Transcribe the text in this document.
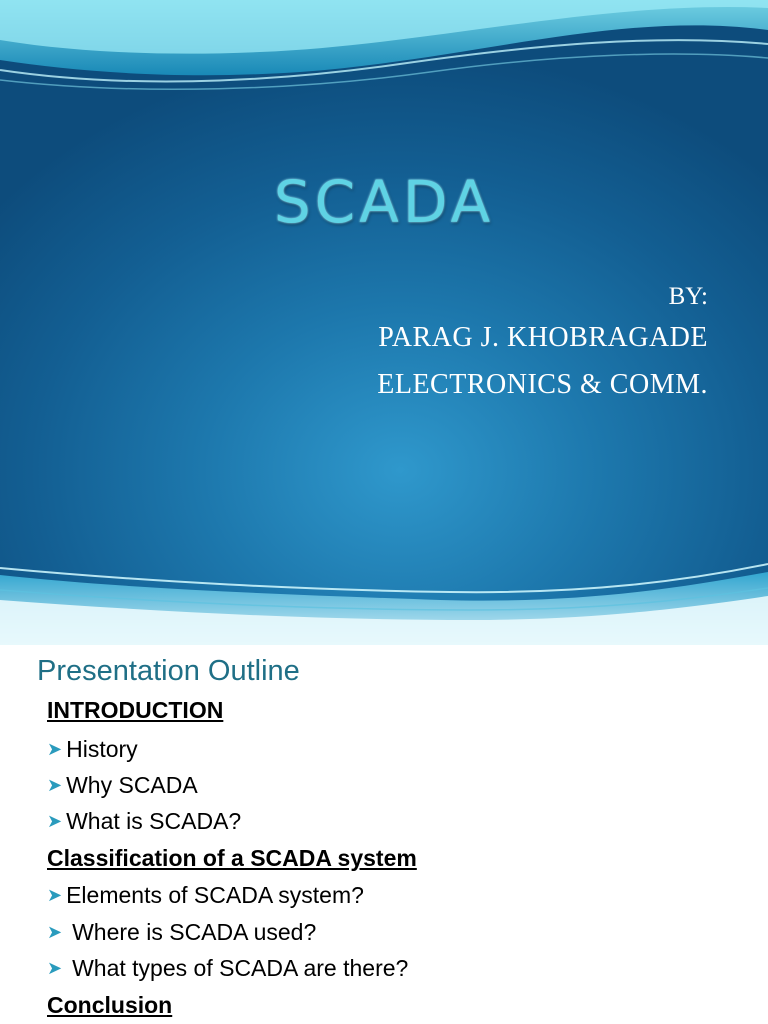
SCADA
BY:
PARAG J. KHOBRAGADE
ELECTRONICS & COMM.
Presentation Outline
INTRODUCTION
➤ History
➤ Why SCADA
➤ What is SCADA?
Classification of a SCADA system
➤ Elements of SCADA system?
➤ Where is SCADA used?
➤ What types of SCADA are there?
Conclusion
